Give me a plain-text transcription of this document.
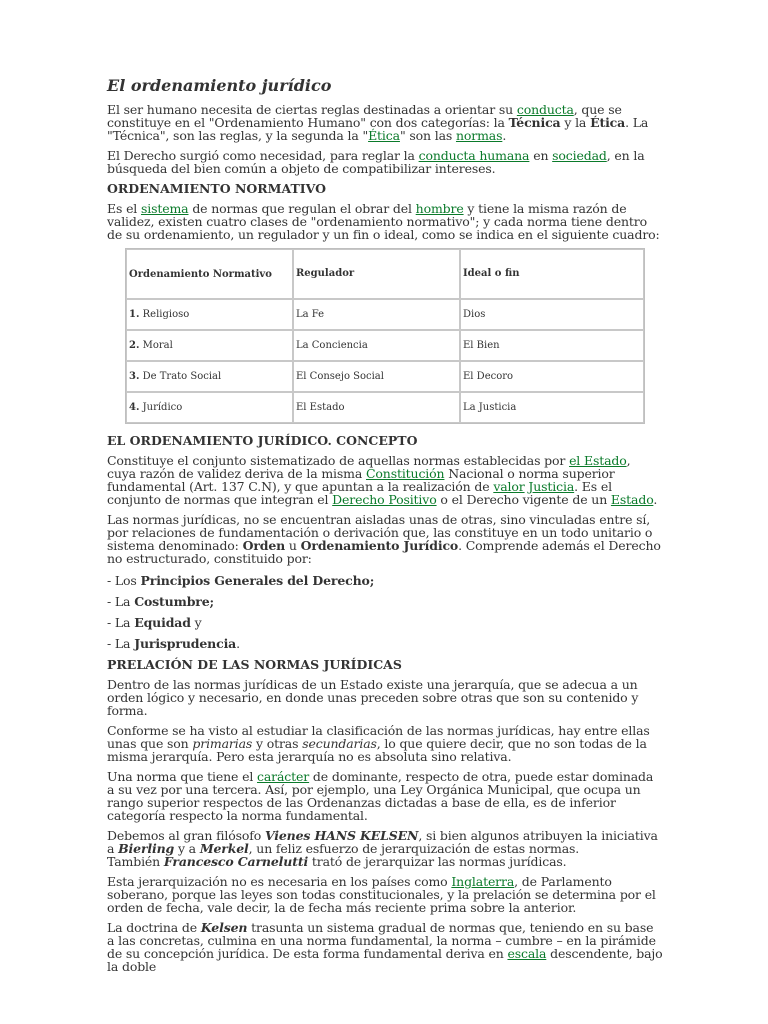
El ordenamiento jurídico

El ser humano necesita de ciertas reglas destinadas a orientar su conducta, que se constituye en el "Ordenamiento Humano" con dos categorías: la Técnica y la Ética. La "Técnica", son las reglas, y la segunda la "Ética" son las normas.

El Derecho surgió como necesidad, para reglar la conducta humana en sociedad, en la búsqueda del bien común a objeto de compatibilizar intereses.

ORDENAMIENTO NORMATIVO

Es el sistema de normas que regulan el obrar del hombre y tiene la misma razón de validez, existen cuatro clases de "ordenamiento normativo"; y cada norma tiene dentro de su ordenamiento, un regulador y un fin o ideal, como se indica en el siguiente cuadro:

Ordenamiento Normativo	Regulador	Ideal o fin
1. Religioso	La Fe	Dios
2. Moral	La Conciencia	El Bien
3. De Trato Social	El Consejo Social	El Decoro
4. Jurídico	El Estado	La Justicia
EL ORDENAMIENTO JURÍDICO. CONCEPTO

Constituye el conjunto sistematizado de aquellas normas establecidas por el Estado, cuya razón de validez deriva de la misma Constitución Nacional o norma superior fundamental (Art. 137 C.N), y que apuntan a la realización de valor Justicia. Es el conjunto de normas que integran el Derecho Positivo o el Derecho vigente de un Estado.

Las normas jurídicas, no se encuentran aisladas unas de otras, sino vinculadas entre sí, por relaciones de fundamentación o derivación que, las constituye en un todo unitario o sistema denominado: Orden u Ordenamiento Jurídico. Comprende además el Derecho no estructurado, constituido por:

- Los Principios Generales del Derecho;
- La Costumbre;
- La Equidad y
- La Jurisprudencia.
PRELACIÓN DE LAS NORMAS JURÍDICAS

Dentro de las normas jurídicas de un Estado existe una jerarquía, que se adecua a un orden lógico y necesario, en donde unas preceden sobre otras que son su contenido y forma.

Conforme se ha visto al estudiar la clasificación de las normas jurídicas, hay entre ellas unas que son primarias y otras secundarias, lo que quiere decir, que no son todas de la misma jerarquía. Pero esta jerarquía no es absoluta sino relativa.

Una norma que tiene el carácter de dominante, respecto de otra, puede estar dominada a su vez por una tercera. Así, por ejemplo, una Ley Orgánica Municipal, que ocupa un rango superior respectos de las Ordenanzas dictadas a base de ella, es de inferior categoría respecto la norma fundamental.

Debemos al gran filósofo Vienes HANS KELSEN, si bien algunos atribuyen la iniciativa a Bierling y a Merkel, un feliz esfuerzo de jerarquización de estas normas.
También Francesco Carnelutti trató de jerarquizar las normas jurídicas.

Esta jerarquización no es necesaria en los países como Inglaterra, de Parlamento soberano, porque las leyes son todas constitucionales, y la prelación se determina por el orden de fecha, vale decir, la de fecha más reciente prima sobre la anterior.

La doctrina de Kelsen trasunta un sistema gradual de normas que, teniendo en su base a las concretas, culmina en una norma fundamental, la norma – cumbre – en la pirámide de su concepción jurídica. De esta forma fundamental deriva en escala descendente, bajo la doble
